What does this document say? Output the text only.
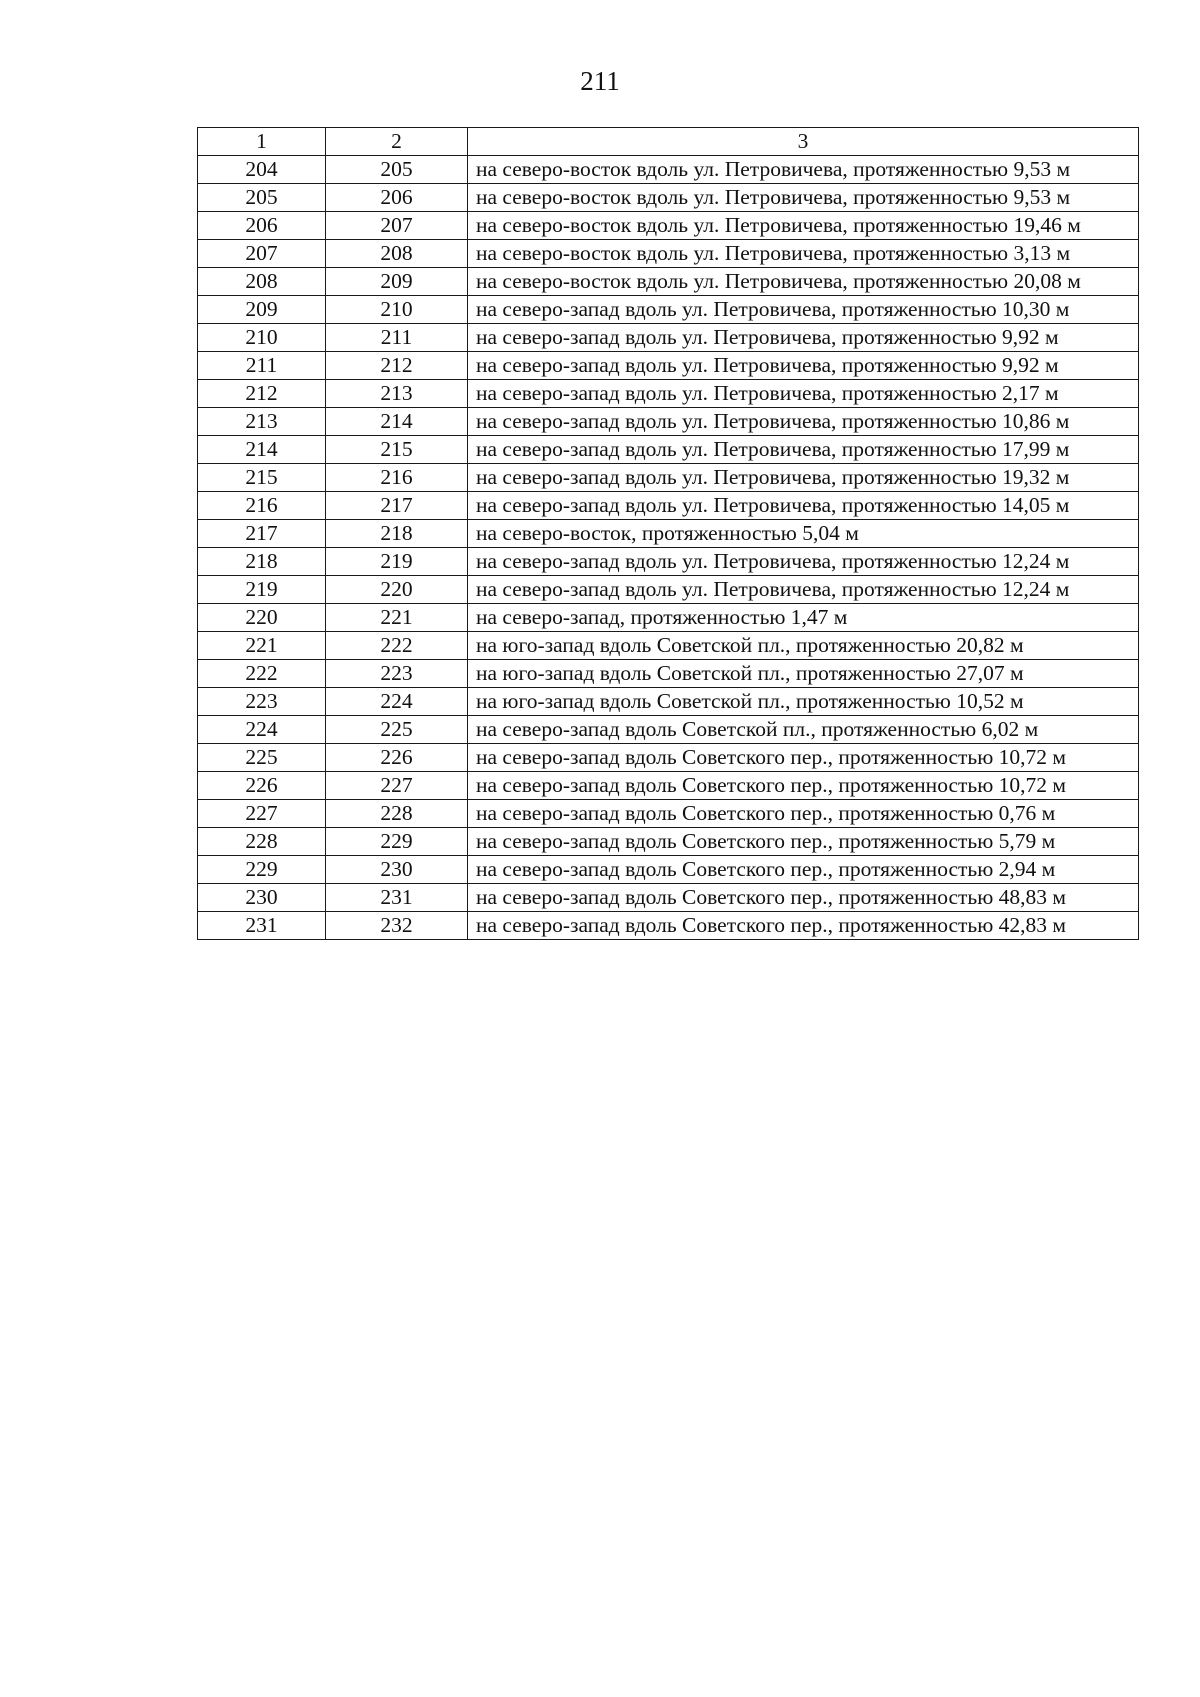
211
1	2	3
204	205	на северо-восток вдоль ул. Петровичева, протяженностью 9,53 м
205	206	на северо-восток вдоль ул. Петровичева, протяженностью 9,53 м
206	207	на северо-восток вдоль ул. Петровичева, протяженностью 19,46 м
207	208	на северо-восток вдоль ул. Петровичева, протяженностью 3,13 м
208	209	на северо-восток вдоль ул. Петровичева, протяженностью 20,08 м
209	210	на северо-запад вдоль ул. Петровичева, протяженностью 10,30 м
210	211	на северо-запад вдоль ул. Петровичева, протяженностью 9,92 м
211	212	на северо-запад вдоль ул. Петровичева, протяженностью 9,92 м
212	213	на северо-запад вдоль ул. Петровичева, протяженностью 2,17 м
213	214	на северо-запад вдоль ул. Петровичева, протяженностью 10,86 м
214	215	на северо-запад вдоль ул. Петровичева, протяженностью 17,99 м
215	216	на северо-запад вдоль ул. Петровичева, протяженностью 19,32 м
216	217	на северо-запад вдоль ул. Петровичева, протяженностью 14,05 м
217	218	на северо-восток, протяженностью 5,04 м
218	219	на северо-запад вдоль ул. Петровичева, протяженностью 12,24 м
219	220	на северо-запад вдоль ул. Петровичева, протяженностью 12,24 м
220	221	на северо-запад, протяженностью 1,47 м
221	222	на юго-запад вдоль Советской пл., протяженностью 20,82 м
222	223	на юго-запад вдоль Советской пл., протяженностью 27,07 м
223	224	на юго-запад вдоль Советской пл., протяженностью 10,52 м
224	225	на северо-запад вдоль Советской пл., протяженностью 6,02 м
225	226	на северо-запад вдоль Советского пер., протяженностью 10,72 м
226	227	на северо-запад вдоль Советского пер., протяженностью 10,72 м
227	228	на северо-запад вдоль Советского пер., протяженностью 0,76 м
228	229	на северо-запад вдоль Советского пер., протяженностью 5,79 м
229	230	на северо-запад вдоль Советского пер., протяженностью 2,94 м
230	231	на северо-запад вдоль Советского пер., протяженностью 48,83 м
231	232	на северо-запад вдоль Советского пер., протяженностью 42,83 м
